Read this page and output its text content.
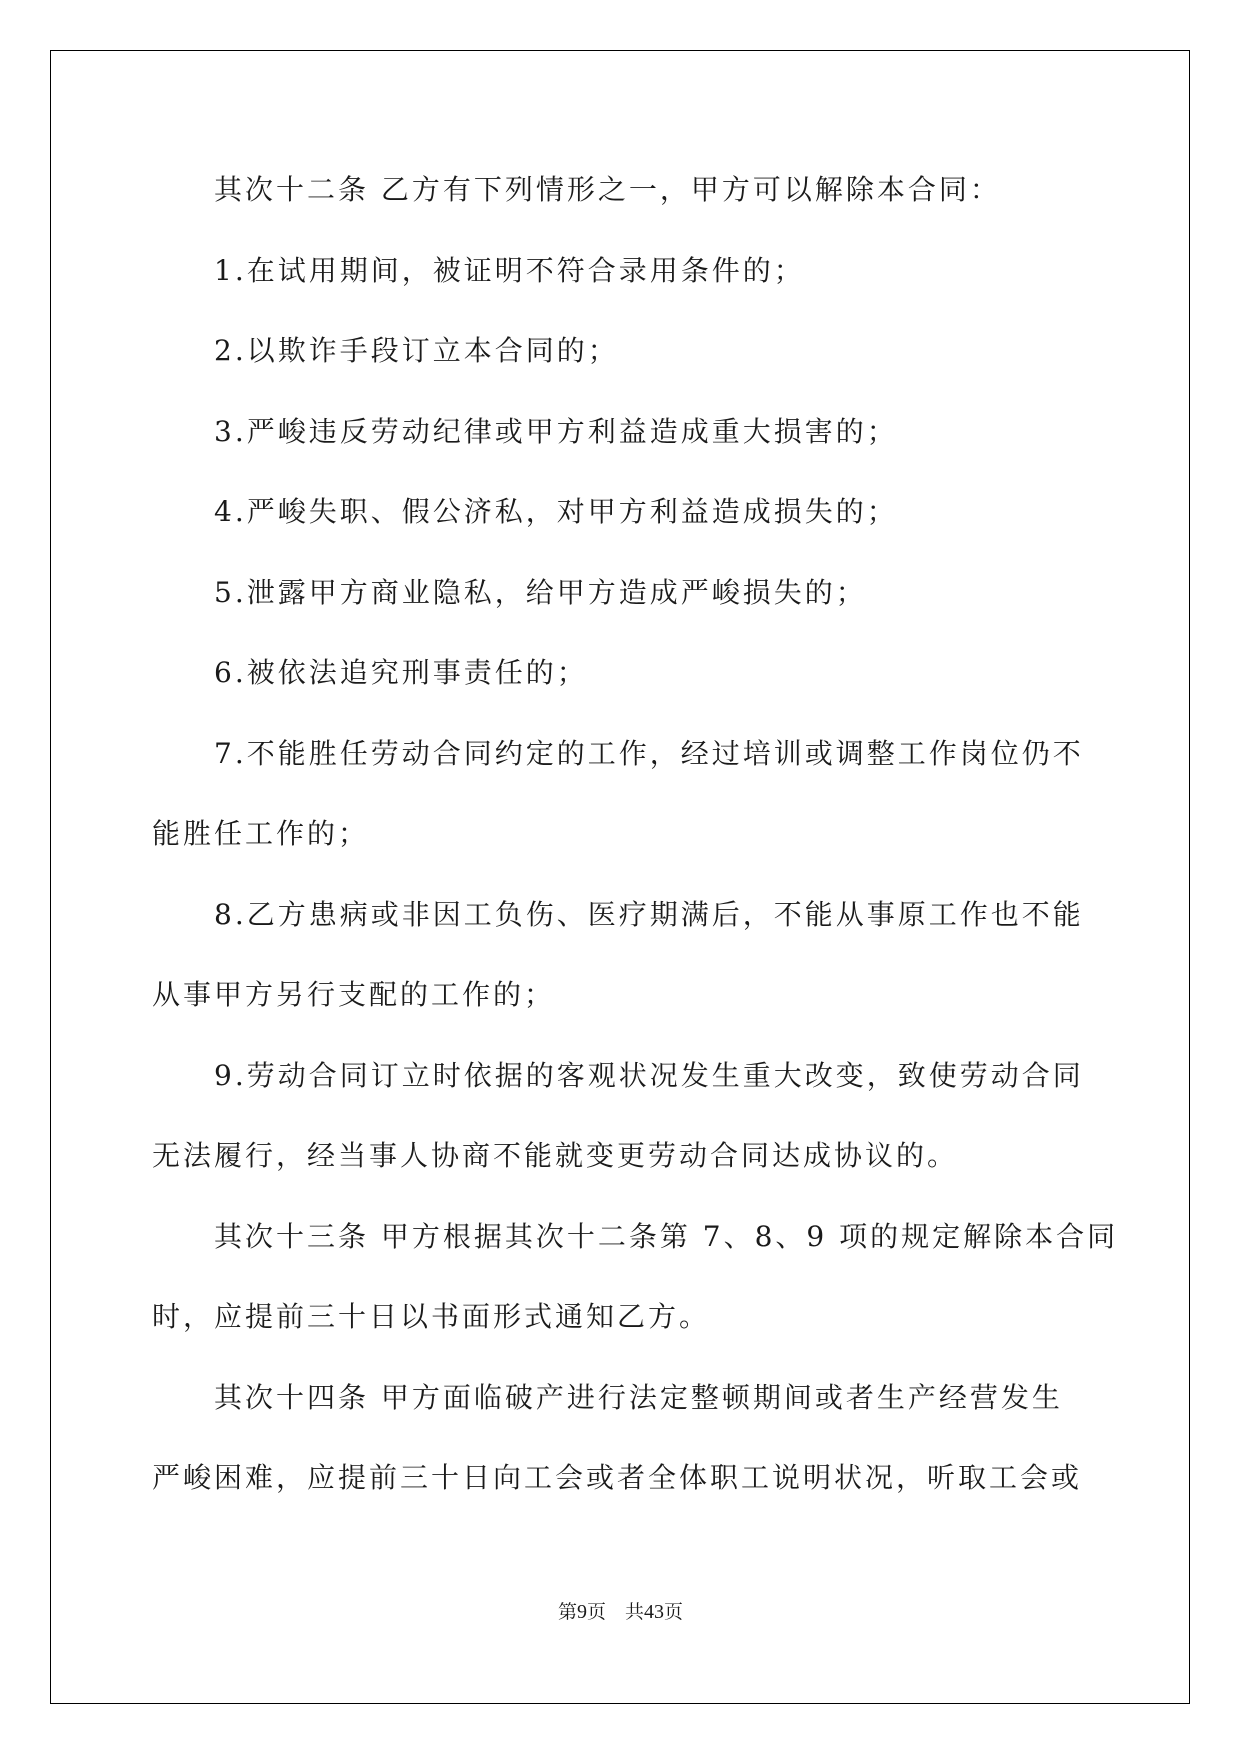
其次十二条 乙方有下列情形之一，甲方可以解除本合同：
1.在试用期间，被证明不符合录用条件的；
2.以欺诈手段订立本合同的；
3.严峻违反劳动纪律或甲方利益造成重大损害的；
4.严峻失职、假公济私，对甲方利益造成损失的；
5.泄露甲方商业隐私，给甲方造成严峻损失的；
6.被依法追究刑事责任的；
7.不能胜任劳动合同约定的工作，经过培训或调整工作岗位仍不
能胜任工作的；
8.乙方患病或非因工负伤、医疗期满后，不能从事原工作也不能
从事甲方另行支配的工作的；
9.劳动合同订立时依据的客观状况发生重大改变，致使劳动合同
无法履行，经当事人协商不能就变更劳动合同达成协议的。
其次十三条 甲方根据其次十二条第 7、8、9 项的规定解除本合同
时，应提前三十日以书面形式通知乙方。
其次十四条 甲方面临破产进行法定整顿期间或者生产经营发生
严峻困难，应提前三十日向工会或者全体职工说明状况，听取工会或
第9页 共43页
